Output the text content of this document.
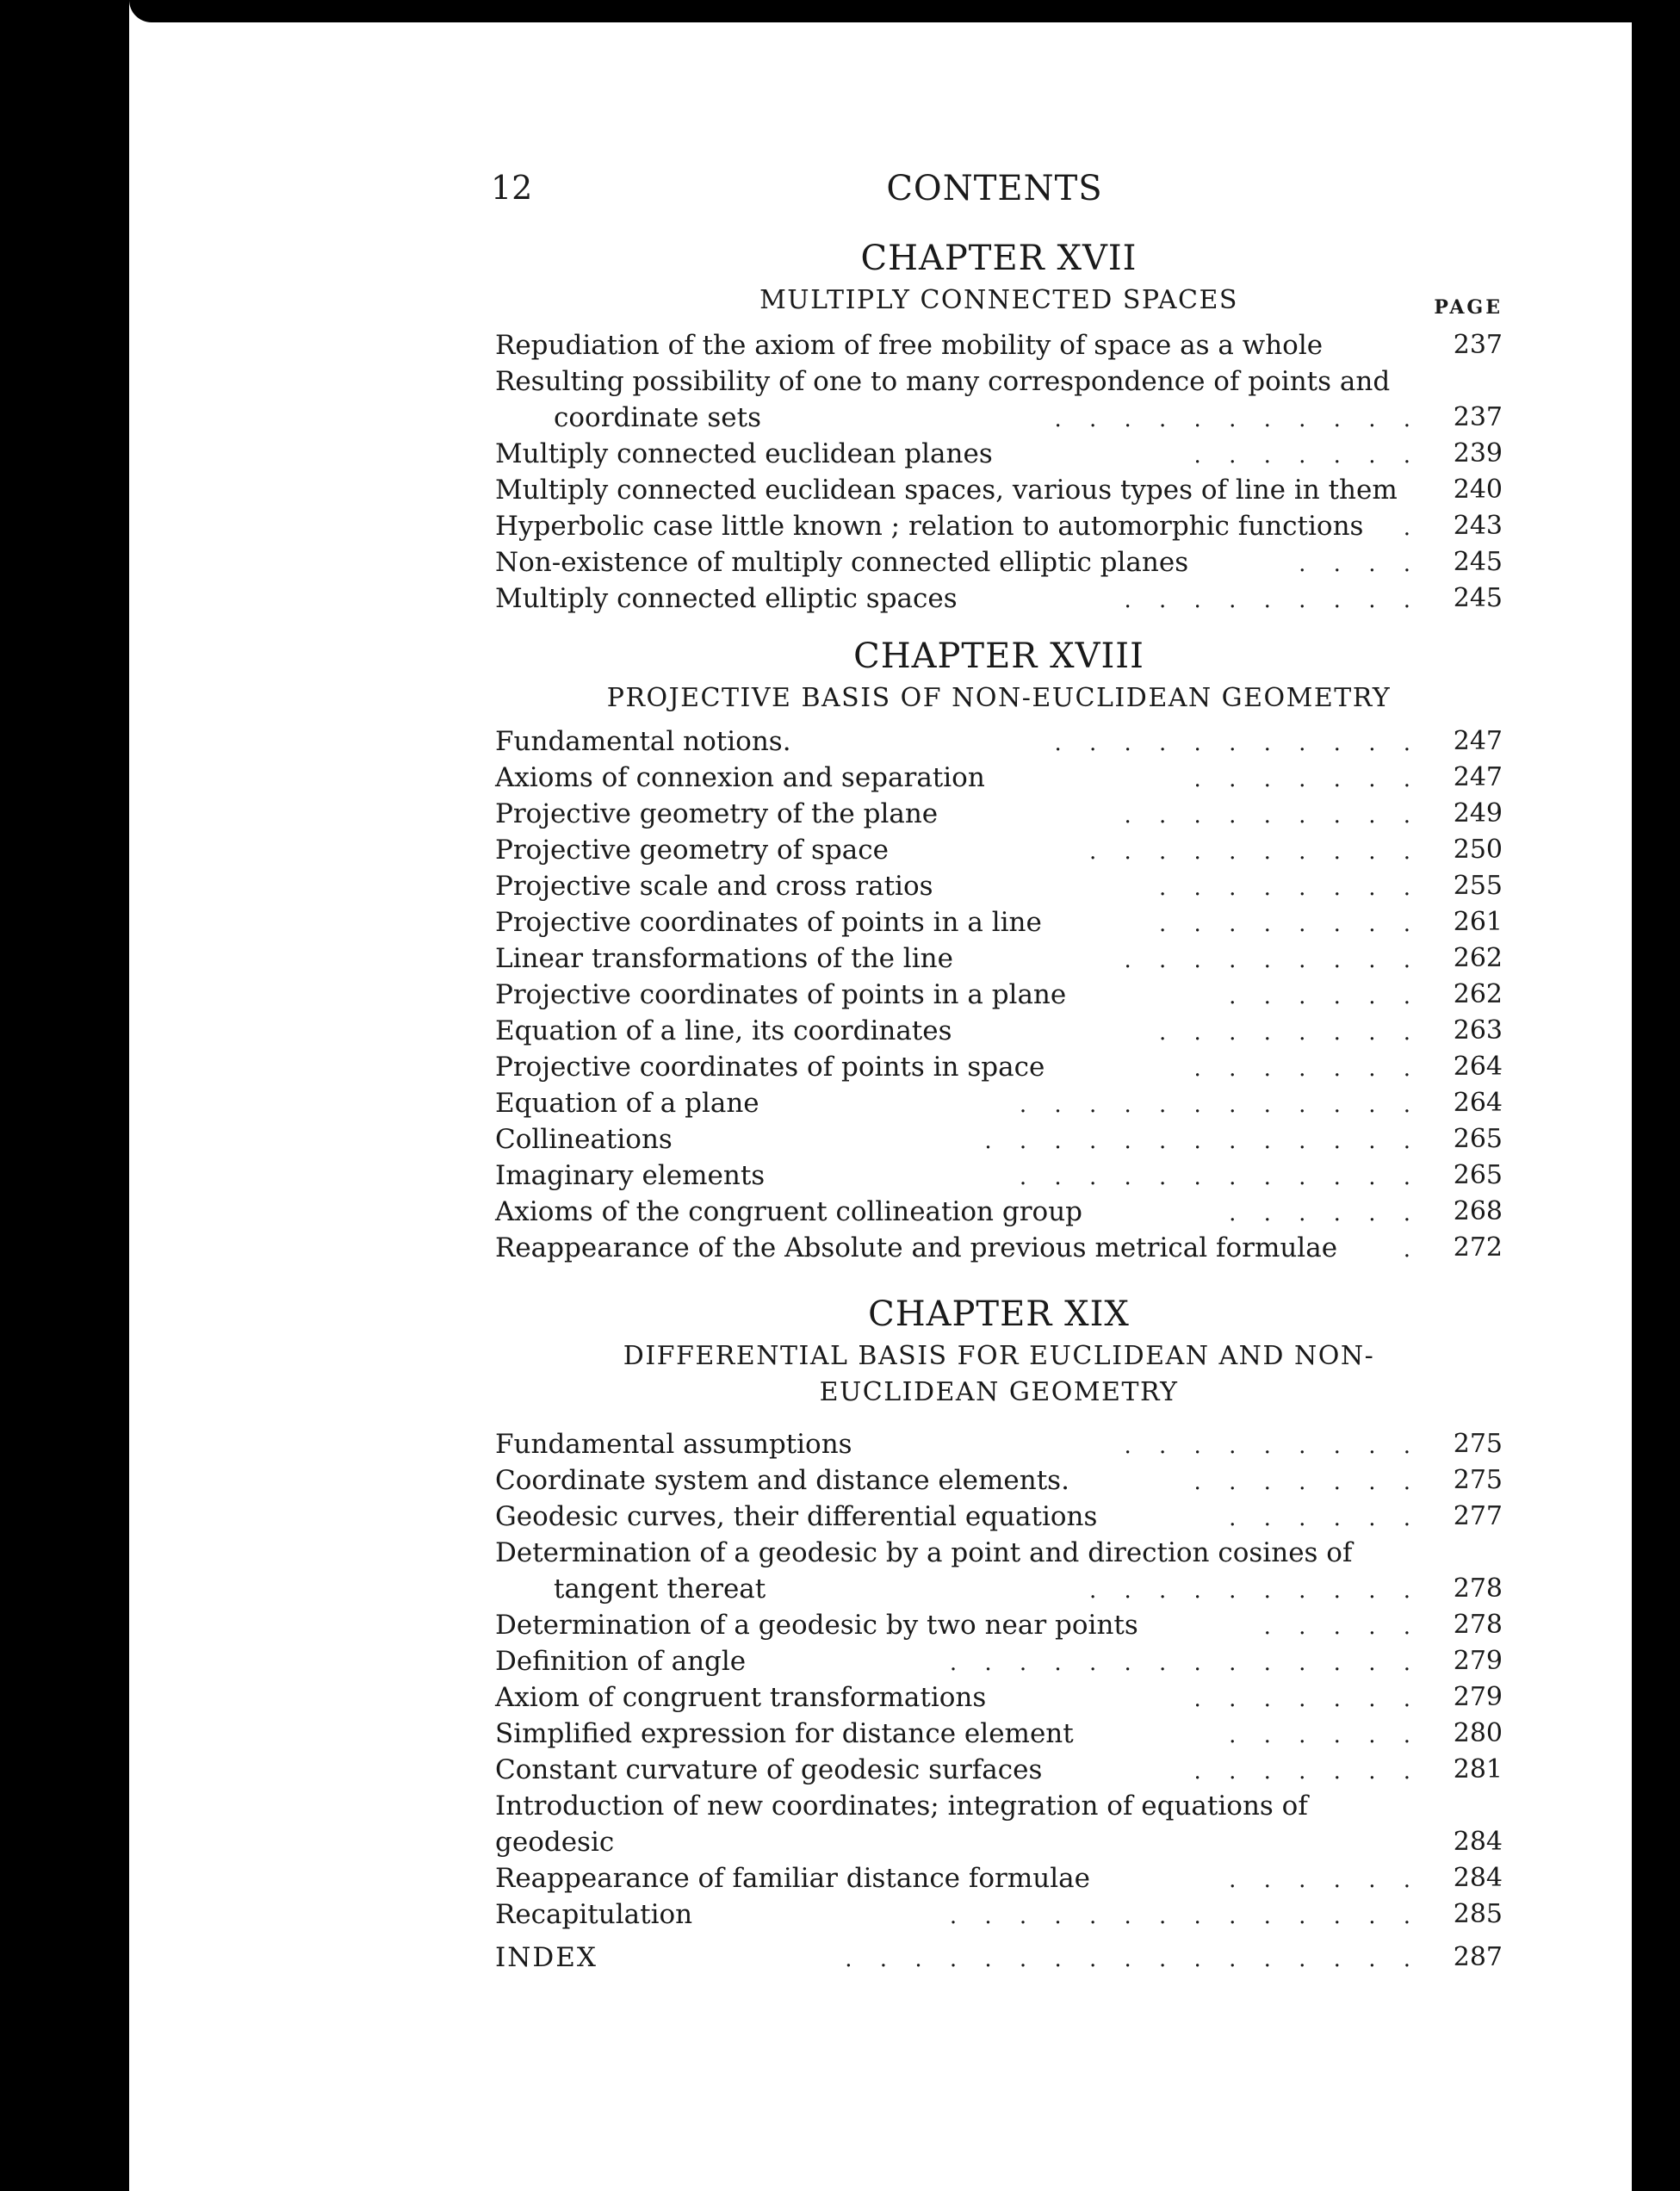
12	CONTENTS
CHAPTER XVII
MULTIPLY CONNECTED SPACES	PAGE
Repudiation of the axiom of free mobility of space as a whole	237
Resulting possibility of one to many correspondence of points and
coordinate sets	. . . . . . . . . . .	237
Multiply connected euclidean planes	. . . . . . .	239
Multiply connected euclidean spaces, various types of line in them	240
Hyperbolic case little known ; relation to automorphic functions .	243
Non-existence of multiply connected elliptic planes	. . . .	245
Multiply connected elliptic spaces	. . . . . . . . .	245
CHAPTER XVIII
PROJECTIVE BASIS OF NON-EUCLIDEAN GEOMETRY
Fundamental notions.	. . . . . . . . . . .	247
Axioms of connexion and separation	. . . . . . .	247
Projective geometry of the plane	. . . . . . . . .	249
Projective geometry of space	. . . . . . . . . .	250
Projective scale and cross ratios	. . . . . . . .	255
Projective coordinates of points in a line	. . . . . . . .	261
Linear transformations of the line	. . . . . . . . .	262
Projective coordinates of points in a plane	. . . . . .	262
Equation of a line, its coordinates	. . . . . . . .	263
Projective coordinates of points in space	. . . . . . .	264
Equation of a plane	. . . . . . . . . . . .	264
Collineations	. . . . . . . . . . . . .	265
Imaginary elements	. . . . . . . . . . . .	265
Axioms of the congruent collineation group	. . . . . .	268
Reappearance of the Absolute and previous metrical formulae	.	272
CHAPTER XIX
DIFFERENTIAL BASIS FOR EUCLIDEAN AND NON-
EUCLIDEAN GEOMETRY
Fundamental assumptions	. . . . . . . . .	275
Coordinate system and distance elements.	. . . . . . .	275
Geodesic curves, their differential equations	. . . . . .	277
Determination of a geodesic by a point and direction cosines of
tangent thereat	. . . . . . . . . .	278
Determination of a geodesic by two near points	. . . . .	278
Definition of angle	. . . . . . . . . . . . . .	279
Axiom of congruent transformations	. . . . . . .	279
Simplified expression for distance element	. . . . . .	280
Constant curvature of geodesic surfaces	. . . . . . .	281
Introduction of new coordinates; integration of equations of geodesic	284
Reappearance of familiar distance formulae	. . . . . .	284
Recapitulation	. . . . . . . . . . . . . .	285
INDEX	. . . . . . . . . . . . . . . . .	287
